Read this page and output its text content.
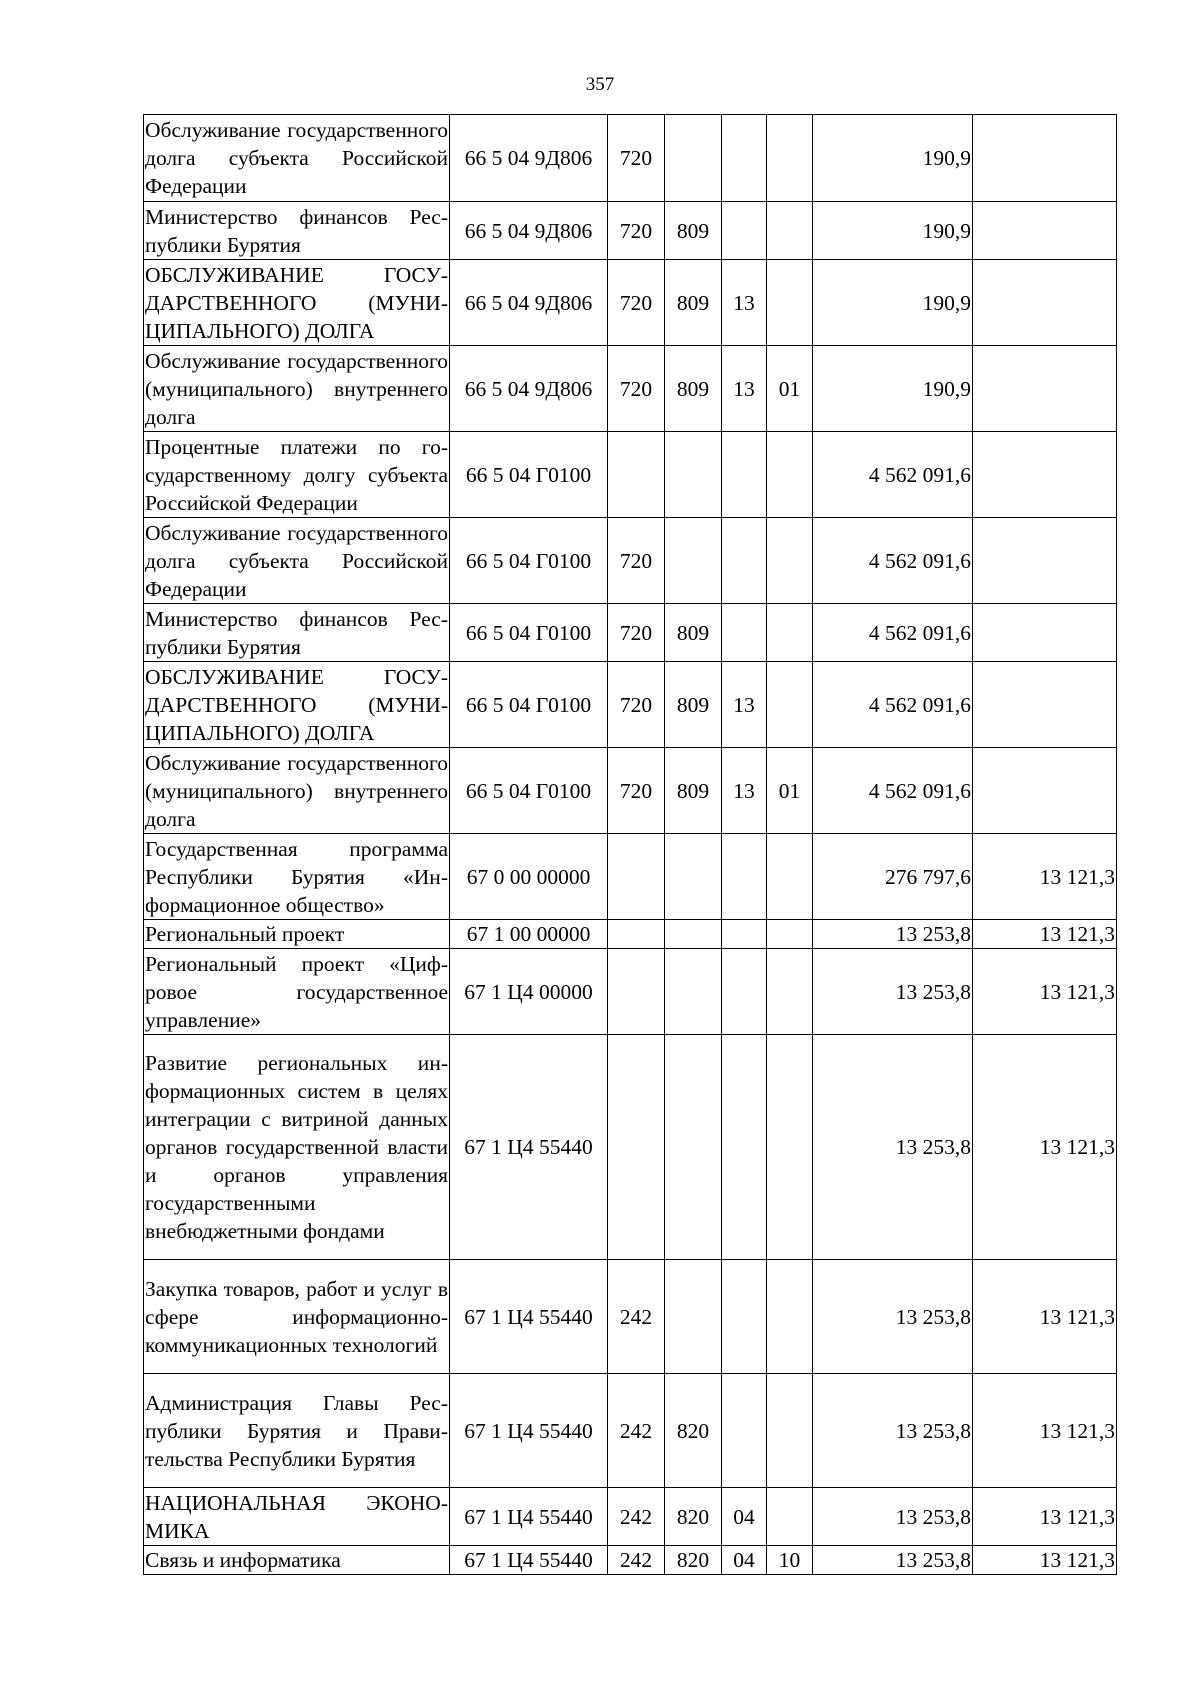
357
Обслуживание государственного долга субъекта Российской Федерации	66 5 04 9Д806	720				190,9	
Министерство финансов Республики Бурятия	66 5 04 9Д806	720	809			190,9	
ОБСЛУЖИВАНИЕ ГОСУДАРСТВЕННОГО (МУНИЦИПАЛЬНОГО) ДОЛГА	66 5 04 9Д806	720	809	13		190,9	
Обслуживание государственного (муниципального) внутреннего долга	66 5 04 9Д806	720	809	13	01	190,9	
Процентные платежи по государственному долгу субъекта Российской Федерации	66 5 04 Г0100					4 562 091,6	
Обслуживание государственного долга субъекта Российской Федерации	66 5 04 Г0100	720				4 562 091,6	
Министерство финансов Республики Бурятия	66 5 04 Г0100	720	809			4 562 091,6	
ОБСЛУЖИВАНИЕ ГОСУДАРСТВЕННОГО (МУНИЦИПАЛЬНОГО) ДОЛГА	66 5 04 Г0100	720	809	13		4 562 091,6	
Обслуживание государственного (муниципального) внутреннего долга	66 5 04 Г0100	720	809	13	01	4 562 091,6	
Государственная программа Республики Бурятия «Информационное общество»	67 0 00 00000					276 797,6	13 121,3
Региональный проект	67 1 00 00000					13 253,8	13 121,3
Региональный проект «Цифровое государственное управление»	67 1 Ц4 00000					13 253,8	13 121,3
Развитие региональных информационных систем в целях интеграции с витриной данных органов государственной власти и органов управления государственными внебюджетными фондами	67 1 Ц4 55440					13 253,8	13 121,3
Закупка товаров, работ и услуг в сфере информационно-коммуникационных технологий	67 1 Ц4 55440	242				13 253,8	13 121,3
Администрация Главы Республики Бурятия и Правительства Республики Бурятия	67 1 Ц4 55440	242	820			13 253,8	13 121,3
НАЦИОНАЛЬНАЯ ЭКОНОМИКА	67 1 Ц4 55440	242	820	04		13 253,8	13 121,3
Связь и информатика	67 1 Ц4 55440	242	820	04	10	13 253,8	13 121,3
